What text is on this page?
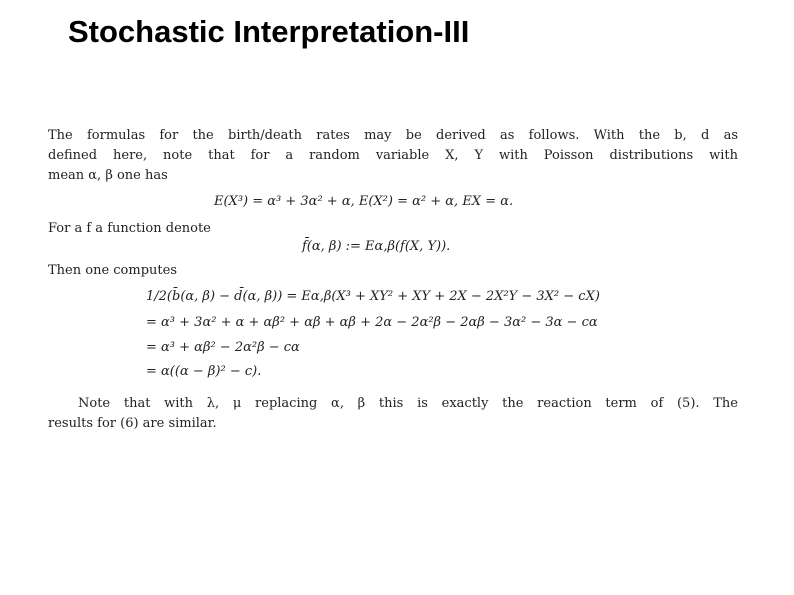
Stochastic Interpretation-III
The formulas for the birth/death rates may be derived as follows. With the b, d as
defined here, note that for a random variable X, Y with Poisson distributions with
mean α, β one has
E(X³) = α³ + 3α² + α, E(X²) = α² + α, EX = α.
For a f a function denote
f̄(α, β) := Eα,β(f(X, Y)).
Then one computes
1/2(b̄(α, β) − d̄(α, β)) = Eα,β(X³ + XY² + XY + 2X − 2X²Y − 3X² − cX)
= α³ + 3α² + α + αβ² + αβ + αβ + 2α − 2α²β − 2αβ − 3α² − 3α − cα
= α³ + αβ² − 2α²β − cα
= α((α − β)² − c).
Note that with λ, μ replacing α, β this is exactly the reaction term of (5). The
results for (6) are similar.
